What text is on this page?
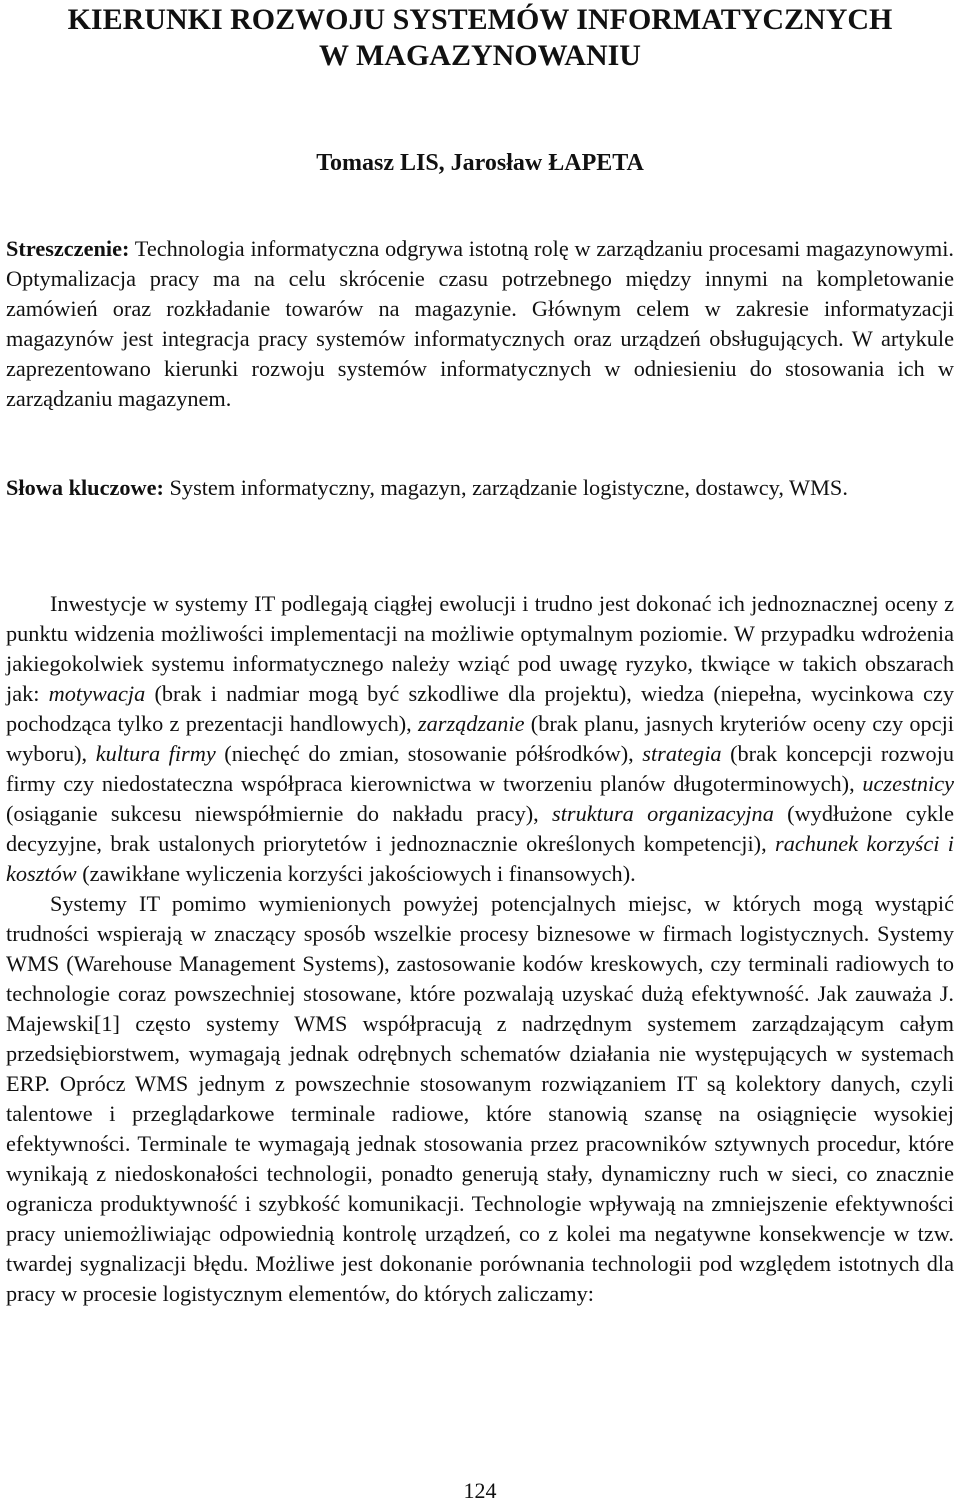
KIERUNKI ROZWOJU SYSTEMÓW INFORMATYCZNYCH
W MAGAZYNOWANIU
Tomasz LIS, Jarosław ŁAPETA
Streszczenie: Technologia informatyczna odgrywa istotną rolę w zarządzaniu procesami magazynowymi. Optymalizacja pracy ma na celu skrócenie czasu potrzebnego między innymi na kompletowanie zamówień oraz rozkładanie towarów na magazynie. Głównym celem w zakresie informatyzacji magazynów jest integracja pracy systemów informatycznych oraz urządzeń obsługujących. W artykule zaprezentowano kierunki rozwoju systemów informatycznych w odniesieniu do stosowania ich w zarządzaniu magazynem.
Słowa kluczowe: System informatyczny, magazyn, zarządzanie logistyczne, dostawcy, WMS.

Inwestycje w systemy IT podlegają ciągłej ewolucji i trudno jest dokonać ich jednoznacznej oceny z punktu widzenia możliwości implementacji na możliwie optymalnym poziomie. W przypadku wdrożenia jakiegokolwiek systemu informatycznego należy wziąć pod uwagę ryzyko, tkwiące w takich obszarach jak: motywacja (brak i nadmiar mogą być szkodliwe dla projektu), wiedza (niepełna, wycinkowa czy pochodząca tylko z prezentacji handlowych), zarządzanie (brak planu, jasnych kryteriów oceny czy opcji wyboru), kultura firmy (niechęć do zmian, stosowanie półśrodków), strategia (brak koncepcji rozwoju firmy czy niedostateczna współpraca kierownictwa w tworzeniu planów długoterminowych), uczestnicy (osiąganie sukcesu niewspółmiernie do nakładu pracy), struktura organizacyjna (wydłużone cykle decyzyjne, brak ustalonych priorytetów i jednoznacznie określonych kompetencji), rachunek korzyści i kosztów (zawikłane wyliczenia korzyści jakościowych i finansowych).

Systemy IT pomimo wymienionych powyżej potencjalnych miejsc, w których mogą wystąpić trudności wspierają w znaczący sposób wszelkie procesy biznesowe w firmach logistycznych. Systemy WMS (Warehouse Management Systems), zastosowanie kodów kreskowych, czy terminali radiowych to technologie coraz powszechniej stosowane, które pozwalają uzyskać dużą efektywność. Jak zauważa J. Majewski[1] często systemy WMS współpracują z nadrzędnym systemem zarządzającym całym przedsiębiorstwem, wymagają jednak odrębnych schematów działania nie występujących w systemach ERP. Oprócz WMS jednym z powszechnie stosowanym rozwiązaniem IT są kolektory danych, czyli talentowe i przeglądarkowe terminale radiowe, które stanowią szansę na osiągnięcie wysokiej efektywności. Terminale te wymagają jednak stosowania przez pracowników sztywnych procedur, które wynikają z niedoskonałości technologii, ponadto generują stały, dynamiczny ruch w sieci, co znacznie ogranicza produktywność i szybkość komunikacji. Technologie wpływają na zmniejszenie efektywności pracy uniemożliwiając odpowiednią kontrolę urządzeń, co z kolei ma negatywne konsekwencje w tzw. twardej sygnalizacji błędu. Możliwe jest dokonanie porównania technologii pod względem istotnych dla pracy w procesie logistycznym elementów, do których zaliczamy:

124
